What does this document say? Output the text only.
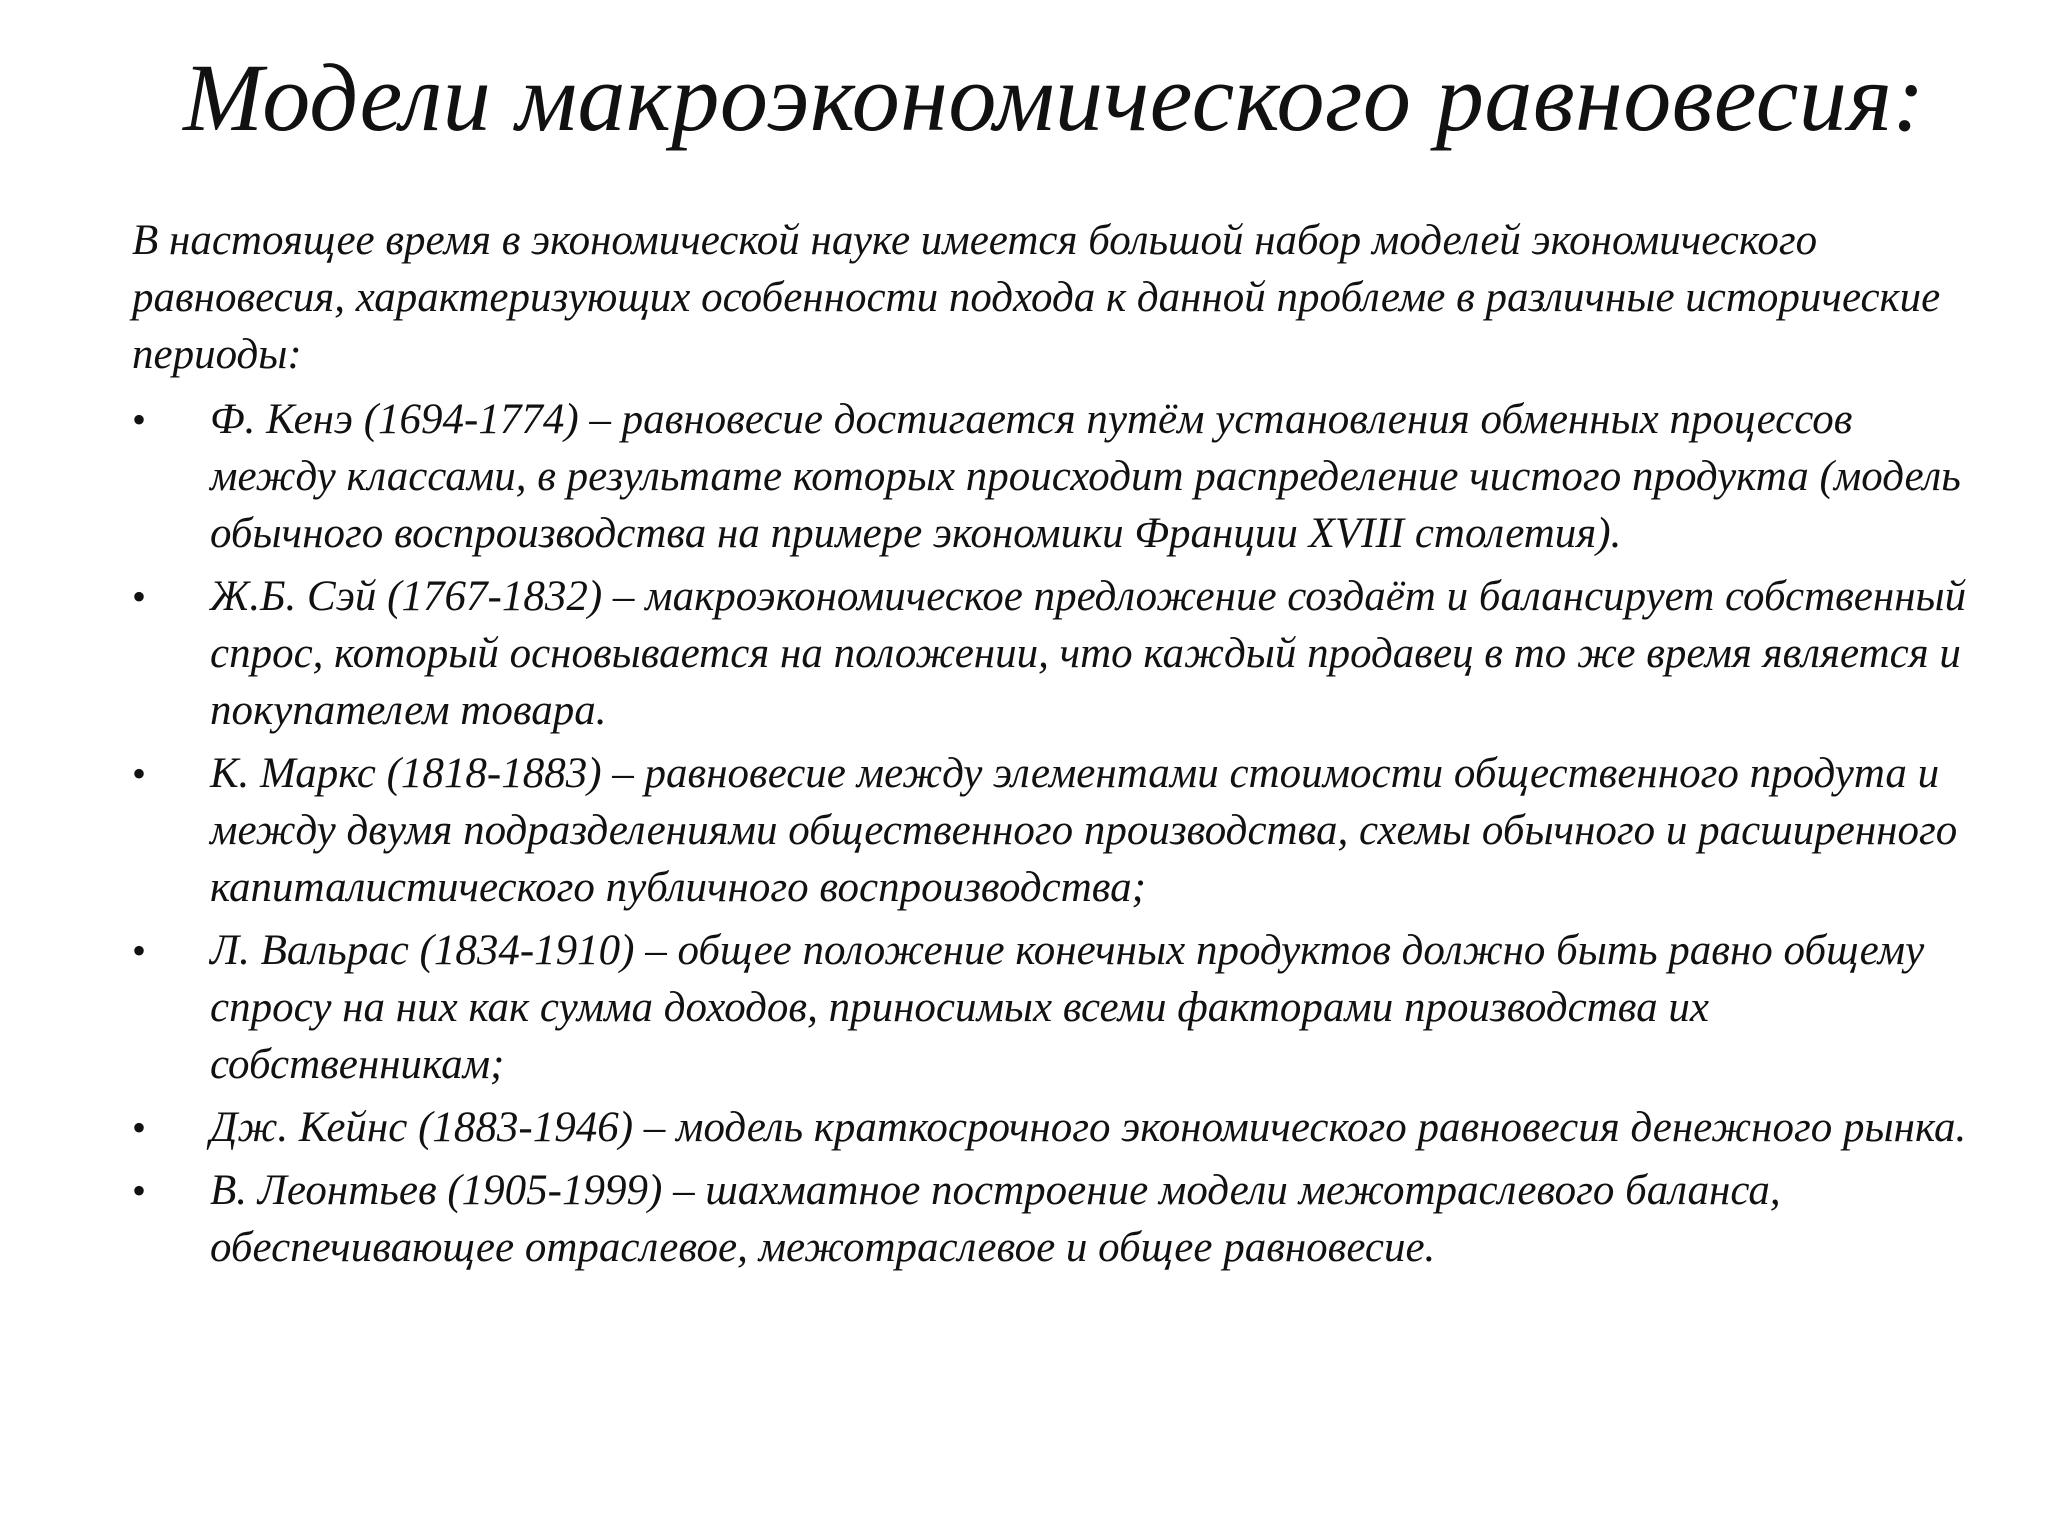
Модели макроэкономического равновесия:

В настоящее время в экономической науке имеется большой набор моделей экономического равновесия, характеризующих особенности подхода к данной проблеме в различные исторические периоды:

• Ф. Кенэ (1694-1774) – равновесие достигается путём установления обменных процессов между классами, в результате которых происходит распределение чистого продукта (модель обычного воспроизводства на примере экономики Франции XVIII столетия).
• Ж.Б. Сэй (1767-1832) – макроэкономическое предложение создаёт и балансирует собственный спрос, который основывается на положении, что каждый продавец в то же время является и покупателем товара.
• К. Маркс (1818-1883) – равновесие между элементами стоимости общественного продута и между двумя подразделениями общественного производства, схемы обычного и расширенного капиталистического публичного воспроизводства;
• Л. Вальрас (1834-1910) – общее положение конечных продуктов должно быть равно общему спросу на них как сумма доходов, приносимых всеми факторами производства их собственникам;
• Дж. Кейнс (1883-1946) – модель краткосрочного экономического равновесия денежного рынка.
• В. Леонтьев (1905-1999) – шахматное построение модели межотраслевого баланса, обеспечивающее отраслевое, межотраслевое и общее равновесие.
